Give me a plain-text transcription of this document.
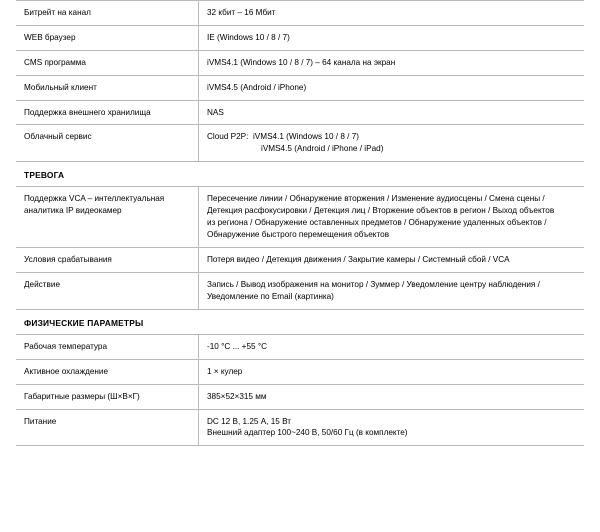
Битрейт на канал	32 кбит – 16 Мбит

WEB браузер	IE (Windows 10 / 8 / 7)

CMS программа	iVMS4.1 (Windows 10 / 8 / 7) – 64 канала на экран

Мобильный клиент	iVMS4.5 (Android / iPhone)

Поддержка внешнего хранилища	NAS

Облачный сервис	Cloud P2P:  iVMS4.1 (Windows 10 / 8 / 7)
iVMS4.5 (Android / iPhone / iPad)

ТРЕВОГА	
Поддержка VCA – интеллектуальная аналитика IP видеокамер	Пересечение линии / Обнаружение вторжения / Изменение аудиосцены / Смена сцены /
Детекция расфокусировки / Детекция лиц / Вторжение объектов в регион / Выход объектов
из региона / Обнаружение оставленных предметов / Обнаружение удаленных объектов /
Обнаружение быстрого перемещения объектов

Условия срабатывания	Потеря видео / Детекция движения / Закрытие камеры / Системный сбой / VCA

Действие	Запись / Вывод изображения на монитор / Зуммер / Уведомление центру наблюдения /
Уведомление по Email (картинка)

ФИЗИЧЕСКИЕ ПАРАМЕТРЫ	
Рабочая температура	-10 °C ... +55 °C

Активное охлаждение	1 × кулер

Габаритные размеры (Ш×В×Г)	385×52×315 мм

Питание	DC 12 В, 1.25 А, 15 Вт
Внешний адаптер 100~240 В, 50/60 Гц (в комплекте)
